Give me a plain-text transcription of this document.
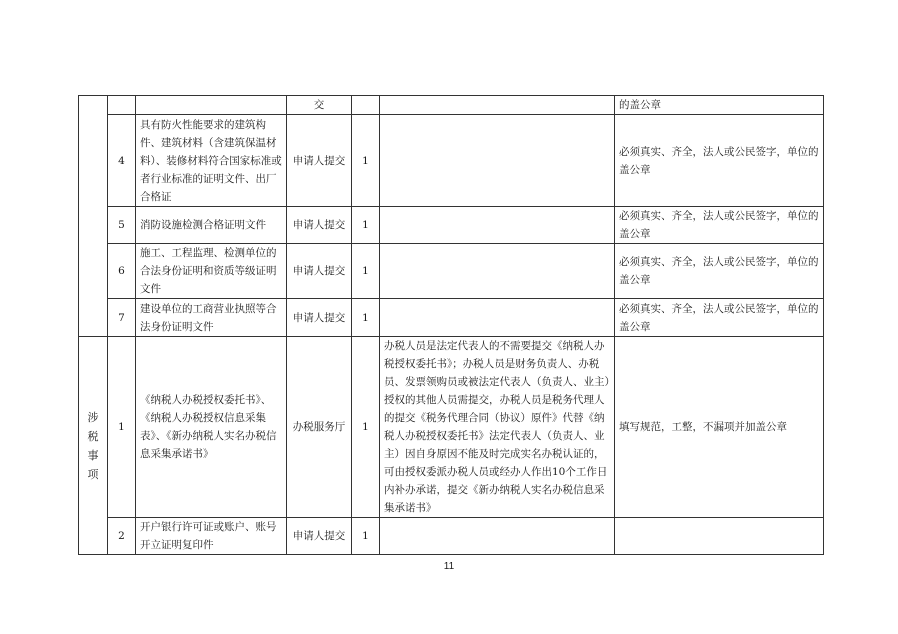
			交			的盖公章
	4	具有防火性能要求的建筑构件、建筑材料（含建筑保温材料）、装修材料符合国家标准或者行业标准的证明文件、出厂合格证	申请人提交	1		必须真实、齐全，法人或公民签字，单位的盖公章
	5	消防设施检测合格证明文件	申请人提交	1		必须真实、齐全，法人或公民签字，单位的盖公章
	6	施工、工程监理、检测单位的合法身份证明和资质等级证明文件	申请人提交	1		必须真实、齐全，法人或公民签字，单位的盖公章
	7	建设单位的工商营业执照等合法身份证明文件	申请人提交	1		必须真实、齐全，法人或公民签字，单位的盖公章

涉税事项	1	《纳税人办税授权委托书》、《纳税人办税授权信息采集表》、《新办纳税人实名办税信息采集承诺书》	办税服务厅	1	办税人员是法定代表人的不需要提交《纳税人办税授权委托书》；办税人员是财务负责人、办税员、发票领购员或被法定代表人（负责人、业主）授权的其他人员需提交，办税人员是税务代理人的提交《税务代理合同（协议）原件》代替《纳税人办税授权委托书》法定代表人（负责人、业主）因自身原因不能及时完成实名办税认证的，可由授权委派办税人员或经办人作出10个工作日内补办承诺，提交《新办纳税人实名办税信息采集承诺书》	填写规范，工整，不漏项并加盖公章
	2	开户银行许可证或账户、账号开立证明复印件	申请人提交	1		
11
